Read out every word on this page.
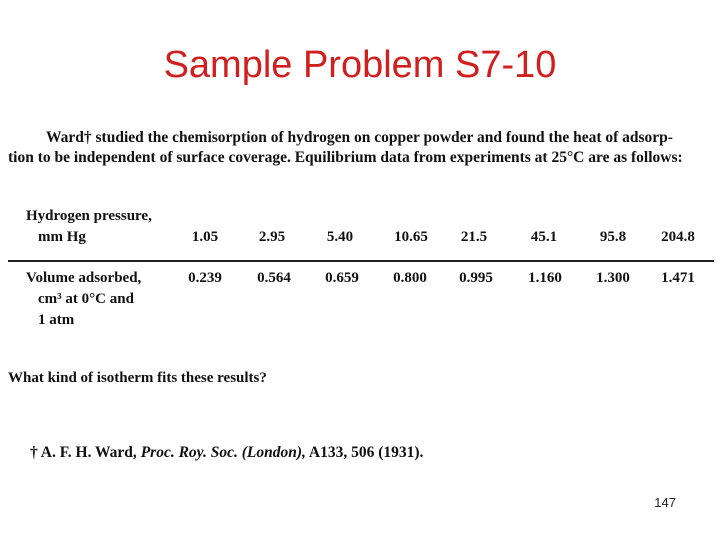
Sample Problem S7-10

Ward† studied the chemisorption of hydrogen on copper powder and found the heat of adsorp-
tion to be independent of surface coverage. Equilibrium data from experiments at 25°C are as follows:

Hydrogen pressure,
mm Hg	1.05	2.95	5.40	10.65	21.5	45.1	95.8	204.8
Volume adsorbed,
cm³ at 0°C and
1 atm
0.239	0.564	0.659	0.800	0.995	1.160	1.300	1.471
What kind of isotherm fits these results?
† A. F. H. Ward, Proc. Roy. Soc. (London), A133, 506 (1931).
147
